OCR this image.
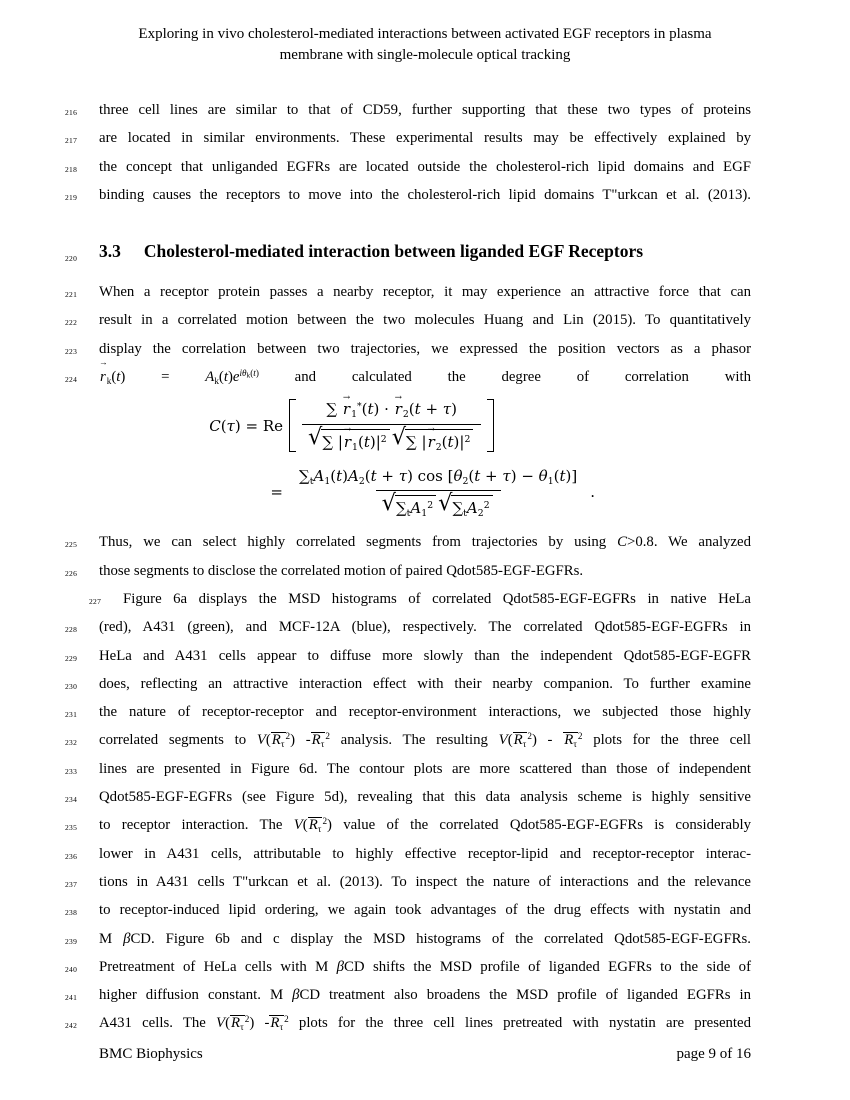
Exploring in vivo cholesterol-mediated interactions between activated EGF receptors in plasma
membrane with single-molecule optical tracking
216	three cell lines are similar to that of CD59, further supporting that these two types of proteins
217	are located in similar environments. These experimental results may be effectively explained by
218	the concept that unliganded EGFRs are located outside the cholesterol-rich lipid domains and EGF
219	binding causes the receptors to move into the cholesterol-rich lipid domains T"urkcan et al. (2013).
220	3.3 Cholesterol-mediated interaction between liganded EGF Receptors
221	When a receptor protein passes a nearby receptor, it may experience an attractive force that can
222	result in a correlated motion between the two molecules Huang and Lin (2015). To quantitatively
223	display the correlation between two trajectories, we expressed the position vectors as a phasor
224	r
→
$_k(t) = A_k(t)e^{i\theta_k(t)}$ and calculated the degree of correlation with
C(τ) = Re	∑ r
→
$_1$*(t) · r
→
$_2$(t + τ)
√ ∑ |r
→
$_1(t)|^2$ √ ∑ |r
→
$_2(t)|^2$
= $\frac{\sum_tA_1(t)A_2(t + \tau) \cos [\theta_2(t + \tau) - \theta_1(t)]}{√ \sum_tA_1^2 √ \sum_tA_2^2}$ .
225	Thus, we can select highly correlated segments from trajectories by using C>0.8. We analyzed
226	those segments to disclose the correlated motion of paired Qdot585-EGF-EGFRs.
227 Figure 6a displays the MSD histograms of correlated Qdot585-EGF-EGFRs in native HeLa
228	(red), A431 (green), and MCF-12A (blue), respectively. The correlated Qdot585-EGF-EGFRs in
229	HeLa and A431 cells appear to diffuse more slowly than the independent Qdot585-EGF-EGFR
230	does, reflecting an attractive interaction effect with their nearby companion. To further examine
231	the nature of receptor-receptor and receptor-environment interactions, we subjected those highly
232	correlated segments to $V(R_\tau^2)$ $-R_\tau^2$ analysis. The resulting $V(R_\tau^2) - R_\tau^2$ plots for the three cell
233	lines are presented in Figure 6d. The contour plots are more scattered than those of independent
234	Qdot585-EGF-EGFRs (see Figure 5d), revealing that this data analysis scheme is highly sensitive
235	to receptor interaction. The $V(R_\tau^2)$ value of the correlated Qdot585-EGF-EGFRs is considerably
236	lower in A431 cells, attributable to highly effective receptor-lipid and receptor-receptor interac-
237	tions in A431 cells T"urkcan et al. (2013). To inspect the nature of interactions and the relevance
238	to receptor-induced lipid ordering, we again took advantages of the drug effects with nystatin and
239	M βCD. Figure 6b and c display the MSD histograms of the correlated Qdot585-EGF-EGFRs.
240	Pretreatment of HeLa cells with M βCD shifts the MSD profile of liganded EGFRs to the side of
241	higher diffusion constant. M βCD treatment also broadens the MSD profile of liganded EGFRs in
242	A431 cells. The $V(R_\tau^2)$ $-R_\tau^2$ plots for the three cell lines pretreated with nystatin are presented
BMC Biophysics	page 9 of 16
